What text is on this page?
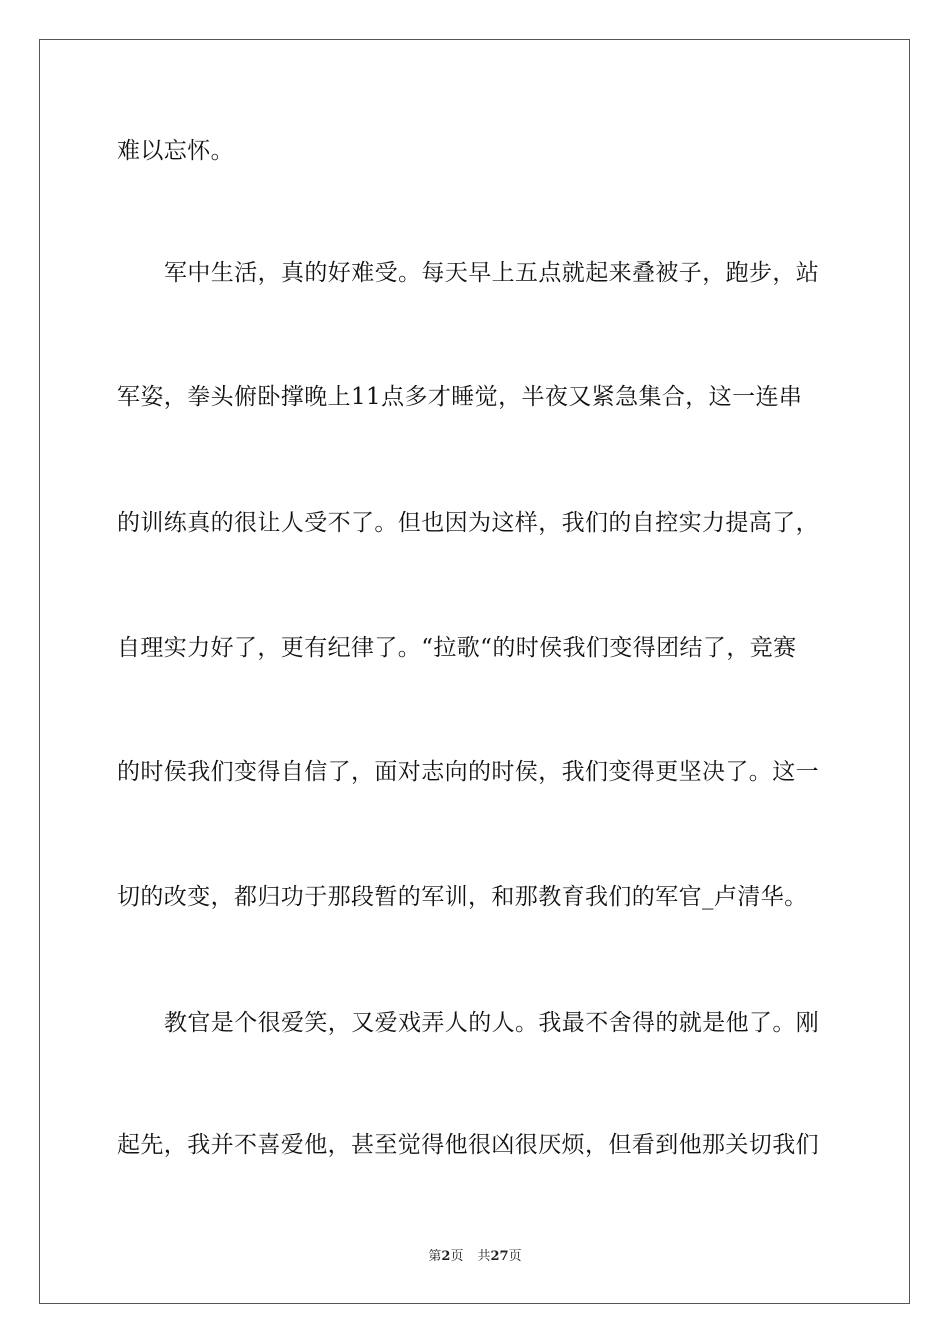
难以忘怀。
军中生活，真的好难受。每天早上五点就起来叠被子，跑步，站
军姿，拳头俯卧撑晚上11点多才睡觉，半夜又紧急集合，这一连串
的训练真的很让人受不了。但也因为这样，我们的自控实力提高了，
自理实力好了，更有纪律了。“拉歌“的时侯我们变得团结了，竞赛
的时侯我们变得自信了，面对志向的时侯，我们变得更坚决了。这一
切的改变，都归功于那段暂的军训，和那教育我们的军官_卢清华。
教官是个很爱笑，又爱戏弄人的人。我最不舍得的就是他了。刚
起先，我并不喜爱他，甚至觉得他很凶很厌烦，但看到他那关切我们
第2页 共27页
